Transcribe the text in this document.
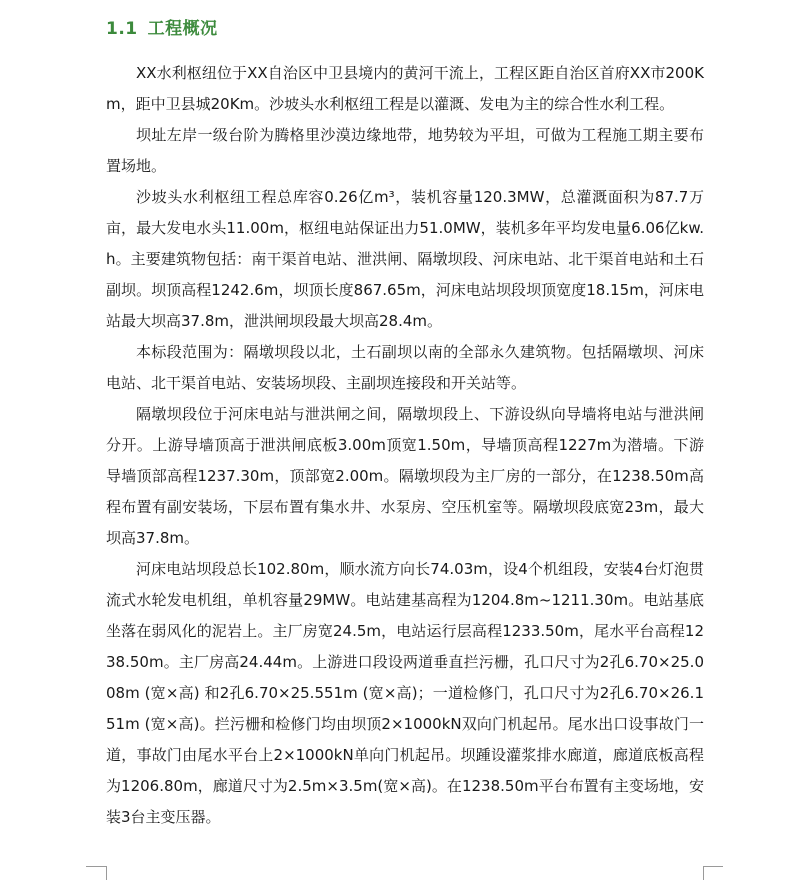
1.1 工程概况

XX水利枢纽位于XX自治区中卫县境内的黄河干流上，工程区距自治区首府XX市200Km，距中卫县城20Km。沙坡头水利枢纽工程是以灌溉、发电为主的综合性水利工程。

坝址左岸一级台阶为腾格里沙漠边缘地带，地势较为平坦，可做为工程施工期主要布置场地。

沙坡头水利枢纽工程总库容0.26亿m³，装机容量120.3MW，总灌溉面积为87.7万亩，最大发电水头11.00m，枢纽电站保证出力51.0MW，装机多年平均发电量6.06亿kw.h。主要建筑物包括：南干渠首电站、泄洪闸、隔墩坝段、河床电站、北干渠首电站和土石副坝。坝顶高程1242.6m，坝顶长度867.65m，河床电站坝段坝顶宽度18.15m，河床电站最大坝高37.8m，泄洪闸坝段最大坝高28.4m。

本标段范围为：隔墩坝段以北，土石副坝以南的全部永久建筑物。包括隔墩坝、河床电站、北干渠首电站、安装场坝段、主副坝连接段和开关站等。

隔墩坝段位于河床电站与泄洪闸之间，隔墩坝段上、下游设纵向导墙将电站与泄洪闸分开。上游导墙顶高于泄洪闸底板3.00m顶宽1.50m，导墙顶高程1227m为潜墙。下游导墙顶部高程1237.30m，顶部宽2.00m。隔墩坝段为主厂房的一部分，在1238.50m高程布置有副安装场，下层布置有集水井、水泵房、空压机室等。隔墩坝段底宽23m，最大坝高37.8m。

河床电站坝段总长102.80m，顺水流方向长74.03m，设4个机组段，安装4台灯泡贯流式水轮发电机组，单机容量29MW。电站建基高程为1204.8m~1211.30m。电站基底坐落在弱风化的泥岩上。主厂房宽24.5m，电站运行层高程1233.50m，尾水平台高程1238.50m。主厂房高24.44m。上游进口段设两道垂直拦污栅，孔口尺寸为2孔6.70×25.008m (宽×高) 和2孔6.70×25.551m (宽×高)；一道检修门，孔口尺寸为2孔6.70×26.151m (宽×高)。拦污栅和检修门均由坝顶2×1000kN双向门机起吊。尾水出口设事故门一道，事故门由尾水平台上2×1000kN单向门机起吊。坝踵设灌浆排水廊道，廊道底板高程为1206.80m，廊道尺寸为2.5m×3.5m(宽×高)。在1238.50m平台布置有主变场地，安装3台主变压器。
